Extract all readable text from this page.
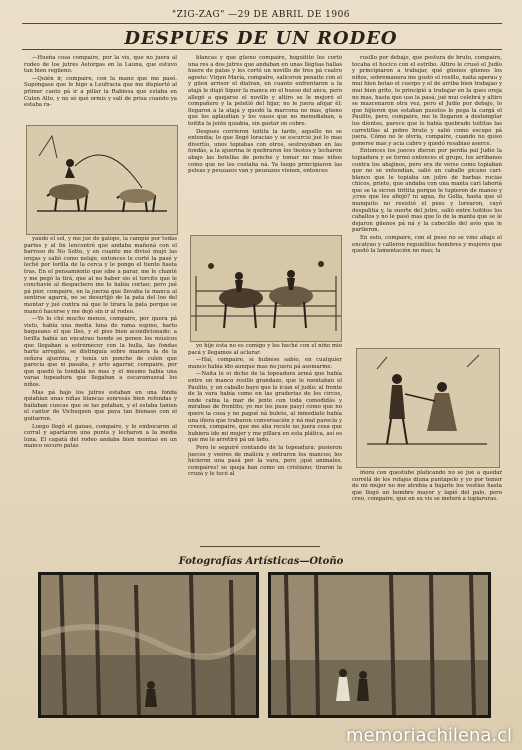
"ZIG-ZAG" —29 DE ABRIL DE 1906
DESPUES DE UN RODEO

—Hueña cosa compaire, por la vis, que no juera al rodeo de los jutres Astorgas en la Launa, que estuvo tan bien regüeno.

—Quién ir, compaire, con la mano que me pasó. Supóngase que le higo a Leufracia que me dispiertó al primer canto pá ir a pillar la Rabiosa que estaba en Culen Alto, y no sé qué ormis y salí de prisa cuando ya estaba ra-

yando el sol, y me jué de galope, la campié por todas partes y al fin lencontré que andaba mañoná con el barroso de No Sotto, y en cuanto me divisó mujó las orejas y salió como nelaje, entonces le corté la pasé y leché por lorilla de la cerca y le pongo el tiento hasta tras. En el pensamiento que sibe a parar, me le chanté y me pegó la tirá, que al no haber sio el torcito que le conchavié al despachero me lo había cortao; pero jué pá pior, compaire, en la juerza que llevaba la manca al sentirse agarrá, no se desurtijó de la pata del loo del montar y jué contra ná que le tirara la pata porque se mancó hacerse y me dejó sin ir al rodeo.

—Yo lo ché mucho menos, compaire, por quera pá visto, había una media luna de rama espino, harto baqueano el que lleo, y el piso bien acondicionado; a lorilla había un encatrao honde se ponen los músicos que llegaban a estremecer con la bulla, las fondas harto arreglás, se distinguía sobre manera la de la señora ajuerina, y tenía un ponche de culen que parecía que ni pasaba, y arto agarrar, compaire, por que quedó la tondalá no mas y el mesmo había una varaa topeadura que llegaban a escaramuzeal los niños.

Mas pá bajo los jutres estaban en una fonda quiahían unas niñas blancas sonrosás bien refondas y bailaban cuecas que se las pelaban, y el estaba tanien el cantor de Vichuquen que paya tan bienaso con el guitarron.

Luego llegó el ganao, compaire, y lo embocaron al corral y apartaron una punta y lecharon a la media luna. El capatá del rodeo andaba bien montao en un manco oscuro patas

blancas y que güeno compaire, hoguitito les cortó una res a dos jutres que andaban en unas llegüas hallas huere de patas y les cortó un novillo de tres pá cuatro agosto: Virjen María, compaire, saliceron penaito con el y güen arrisor el diatran, en cuanto enfrentaron a la atajá le diajó liquer la manca en el hueso del anca, pero allegó a quejarse el novillo y altiro se le mejoró el compañero y la peletió del hijar, no le juera afojar él; llegaron a la atajá y quedó la marcona no mas, güeno que los aplaudían y los vasos que no menudiaban, a toitita la jente quiabia, sin gastar on cobre.

Despues corrieron toitita la tarde, aquello no se entendía; lo que llegó loraciao y se escurció jué lo mas divertío, unos topiabas con otros, sestreyaban en las fondás, a la ajuerina le quebraron los tiestos y lecharon abajo las botellas de ponche y tomar no mas niños como que no les costaba ná. Ya luego principiaron las peleas y peuzazos van y peuzazos vienen, entonces

yo hije ésta no es comigo y les heché con el niño mio pacá y llegamos al aclarar.

—Haí, compaire, si hubiese sabío, en cualquier manco había ido aunque mas no juera pá asomarme.

—Naita le ei dicho de la topeadura armá que había entre un manco rosillo grandazo, que le montaban el Paulito, y un caballo bayo que le ician el judío; al frente de la vara había como en las graderias de los circos, onde cabia la mar de jente con toda comodidás y mirabao de frontito; yo me les puse pasyí como que no quere la cosa y no pagué ná buleto, al inmediato había una iñora que trabaron conversación y ná mal parecía y creerá, compaire, que me aba recele no juera cosa que hubiera ido mi mujer y me pillara en esta plática, así es que me le arretiré pá un lado.

Pero le seguiré contando de la topeadura: pusieron juecos y veores de malicia y entraron los mancos; les hicieron una pasá por la vara, pero ¡qué animales, compaires! se queja ban como un cristiano; tiraron la cruzá y le tocó al

rosillo por debajo, qué postura de bruto, compaire, tocaba el hocico con el estribo. Altiro le crusó el Judío y principiaron a trabajar, qué güenos güenos los niños, sobremanera me gustó el rosillo, naita aperau y mui bien botao el cuerpo y el de arriba bien trabajao y mui bien grito, lo principió a trabajar en la ques oreja no mas, hasta que uso la pasá; jué mui celebrá y altiro se mazcenaron otra vez, pero el Judío por debajo, lo que hijieron que estaban puestos le pega la cargá el Paulito, pero, compaire, me le llegaron a destemplar los dientes, parece que le había quebrado toititas las carretillas al pobre bruto y salió como escupo pá juera. Cómo no le olvria, compaire, cuando no quiso ponerse mas y acia cabro y quedó resabiao aserce.

Entonces los jueces dieron por perdía pal Judío la topiadura y se formó entonces el grupo, los arribanos contra los abajinos, pero era de verse como topiaban que no se entendían, salió un caballo picano cari-blanco que le topiaba un jutre de barbas rucias chicos, prieto, que andaba con una manta cari laboriá que se la sicren tiritita porque le tupieron de manoo y ¡cree que les afiojó? ni agua, ño Golla, hasta que el manquito no resistió el peso y lorearon, cayó despalitia y, la suerte del jutre, salió entre toititos los caballos y no le pasó mas que lo de la manta que se le dejaron güenos pá ná y la cabeciilo del avio que le partieron.

En esto, compaire, con el peso no se vino abajo el encatrao y calleron reguielitos hombres y mujeres que quedó la lamentación no mas; la

iñora con questube platicando no se jué a quedar correlá de los refajos diuna puntapelo y yo por temor de mi mujer no me atrebia a bajarle los vestios hasta que llegó un hombre mayor y lapió del palo, pero creo, compaire, que en su vis se meterá a topiaruras.

Fotografías Artísticas—Otoño
memoriachilena.cl
